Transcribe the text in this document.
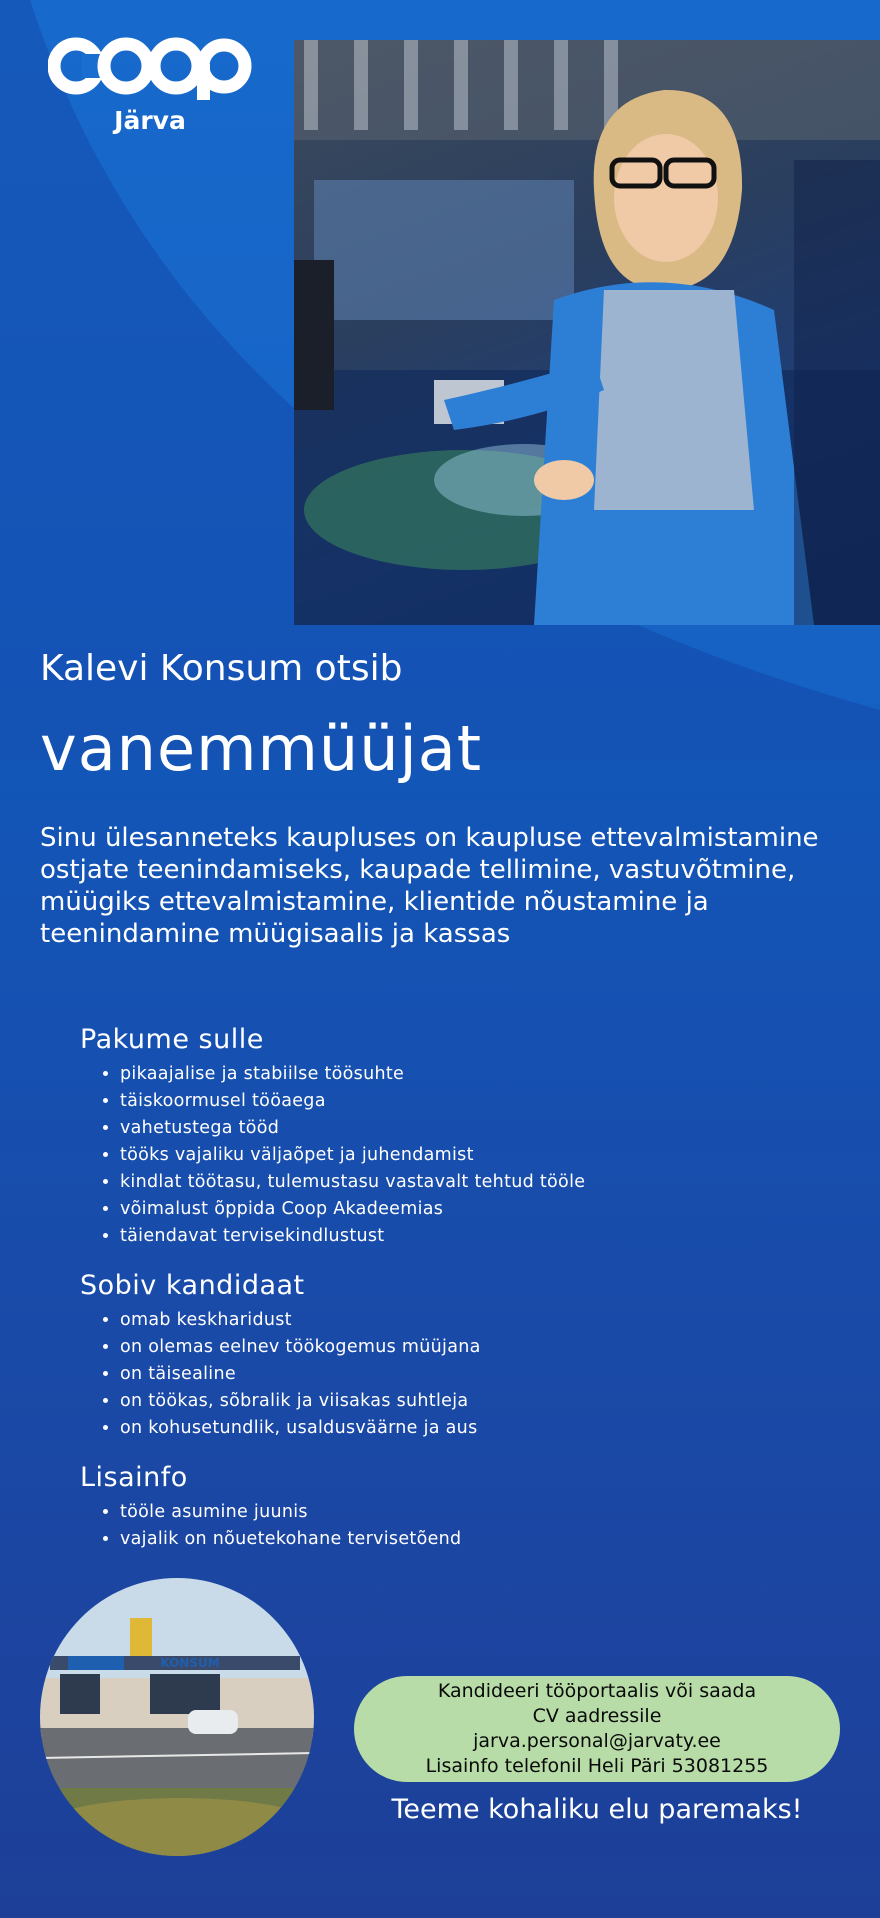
Järva
Kalevi Konsum otsib
vanemmüüjat

Sinu ülesanneteks kaupluses on kaupluse ettevalmistamine ostjate teenindamiseks, kaupade tellimine, vastuvõtmine, müügiks ettevalmistamine, klientide nõustamine ja teenindamine müügisaalis ja kassas

Pakume sulle
• pikaajalise ja stabiilse töösuhte
• täiskoormusel tööaega
• vahetustega tööd
• tööks vajaliku väljaõpet ja juhendamist
• kindlat töötasu, tulemustasu vastavalt tehtud tööle
• võimalust õppida Coop Akadeemias
• täiendavat tervisekindlustust
Sobiv kandidaat
• omab keskharidust
• on olemas eelnev töökogemus müüjana
• on täisealine
• on töökas, sõbralik ja viisakas suhtleja
• on kohusetundlik, usaldusväärne ja aus
Lisainfo
• tööle asumine juunis
• vajalik on nõuetekohane tervisetõend
KONSUM
Kandideeri tööportaalis või saada
CV aadressile
jarva.personal@jarvaty.ee
Lisainfo telefonil Heli Päri 53081255

Teeme kohaliku elu paremaks!
